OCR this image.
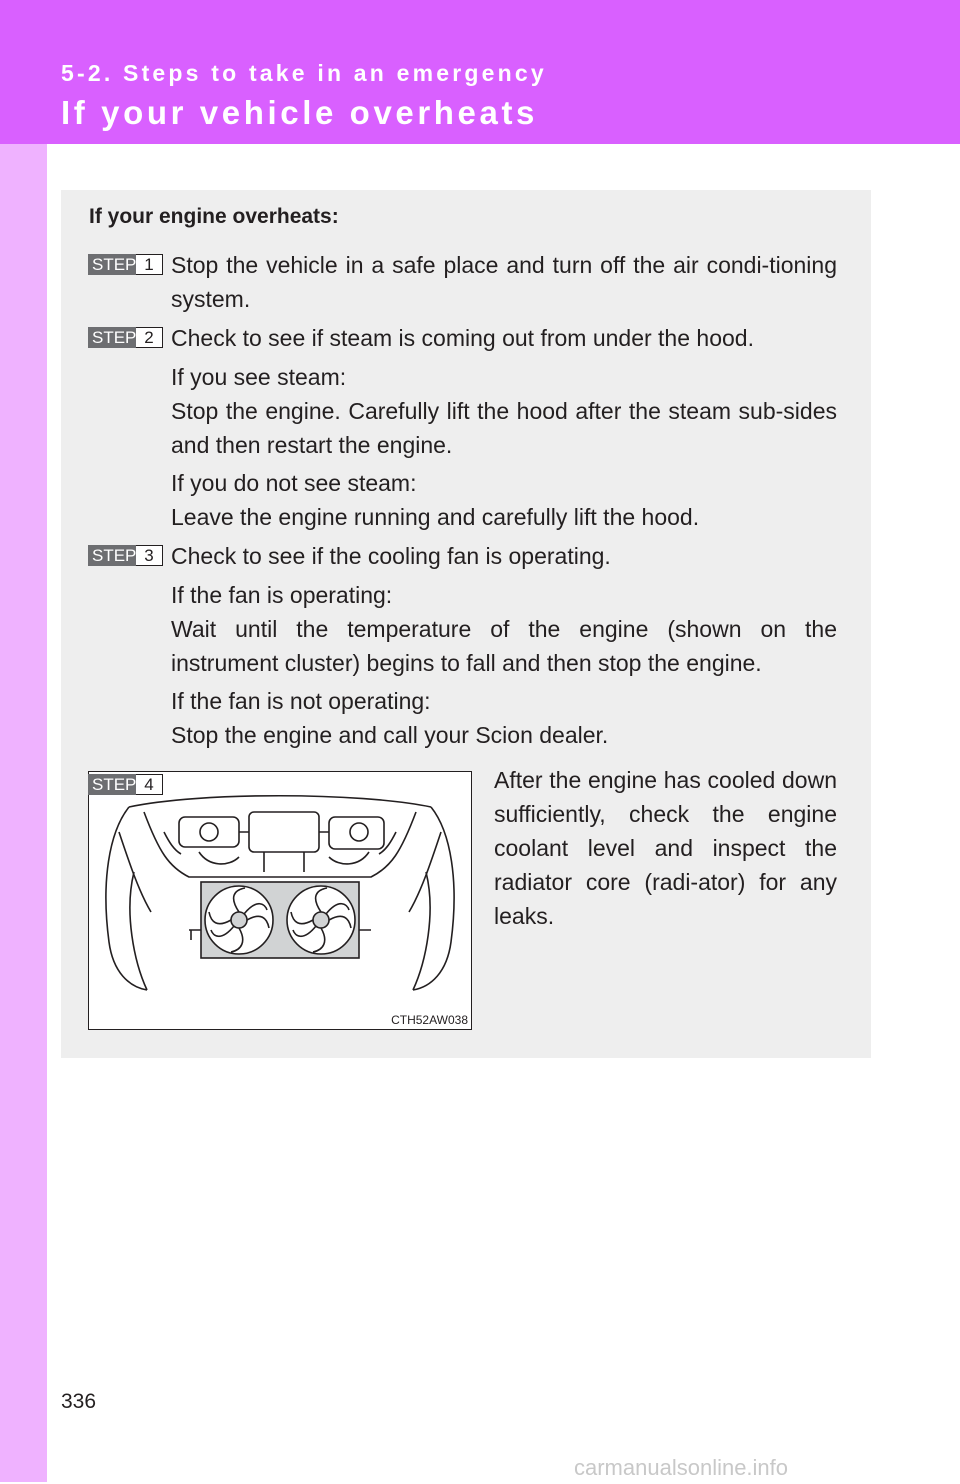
5-2. Steps to take in an emergency
If your vehicle overheats
If your engine overheats:
STEP 1 Stop the vehicle in a safe place and turn off the air condi-tioning system.
STEP 2 Check to see if steam is coming out from under the hood.
If you see steam:
Stop the engine. Carefully lift the hood after the steam sub-sides and then restart the engine.
If you do not see steam:
Leave the engine running and carefully lift the hood.
STEP 3 Check to see if the cooling fan is operating.
If the fan is operating:
Wait until the temperature of the engine (shown on the instrument cluster) begins to fall and then stop the engine.
If the fan is not operating:
Stop the engine and call your Scion dealer.
CTH52AW038
STEP 4	After the engine has cooled down sufficiently, check the engine coolant level and inspect the radiator core (radi-ator) for any leaks.
336
carmanualsonline.info
